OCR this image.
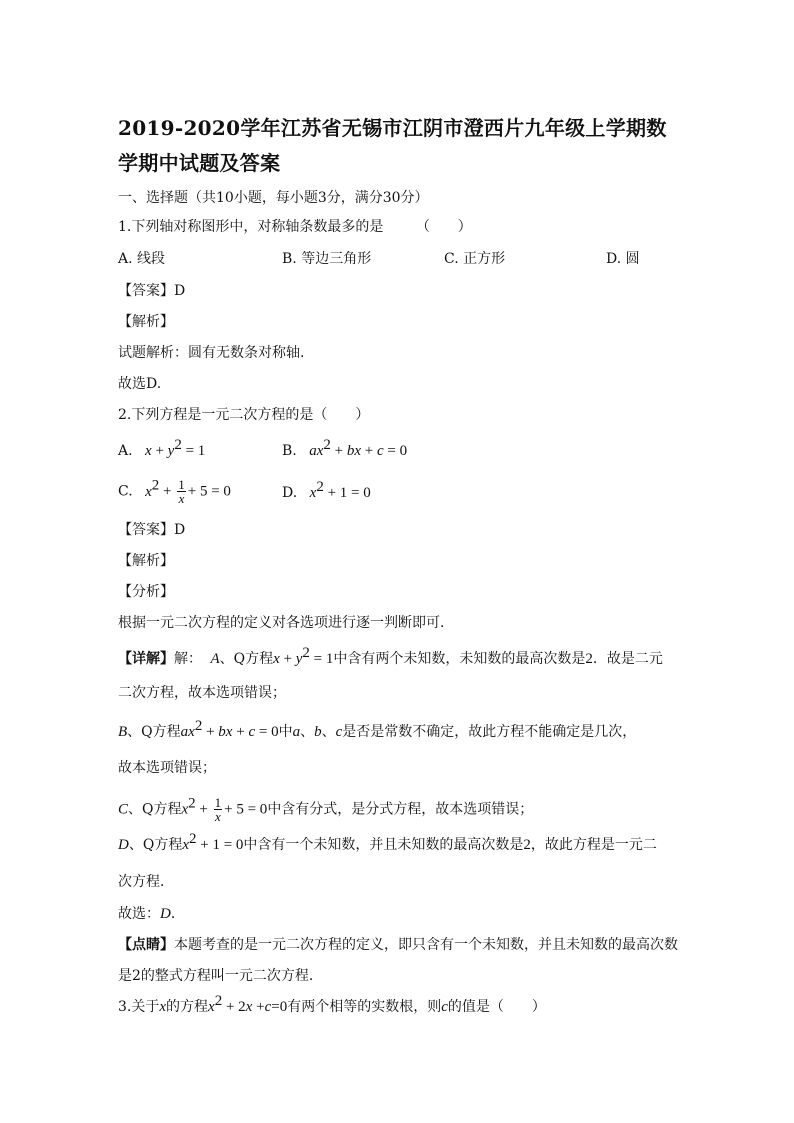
2019-2020学年江苏省无锡市江阴市澄西片九年级上学期数
学期中试题及答案
一、选择题（共10小题，每小题3分，满分30分）
1.下列轴对称图形中，对称轴条数最多的是 （　　）
A. 线段	B. 等边三角形	C. 正方形	D. 圆
【答案】D
【解析】
试题解析：圆有无数条对称轴.
故选D.
2.下列方程是一元二次方程的是（　　）
A. $x + y^2 = 1$	B. $ax^2$ + bx + c = 0
C. $x^2 + \frac{1}{x} + 5 = 0$	D. $x^2 + 1 = 0$
【答案】D
【解析】
【分析】
根据一元二次方程的定义对各选项进行逐一判断即可．
【详解】解： A、Q方程$x + y^2 = 1$中含有两个未知数，未知数的最高次数是2．故是二元
二次方程，故本选项错误；
B、Q方程$ax^2$ + bx + c = 0中a、b、c是否是常数不确定，故此方程不能确定是几次，
故本选项错误；
C、Q方程$x^2 + \frac{1}{x} + 5 = 0$中含有分式，是分式方程，故本选项错误；
D、Q方程$x^2 + 1 = 0$中含有一个未知数，并且未知数的最高次数是2，故此方程是一元二
次方程．
故选：D．
【点睛】本题考查的是一元二次方程的定义，即只含有一个未知数，并且未知数的最高次数
是2的整式方程叫一元二次方程．
3.关于x的方程$x^2 + 2x +c=0$有两个相等的实数根，则c的值是（　　）
